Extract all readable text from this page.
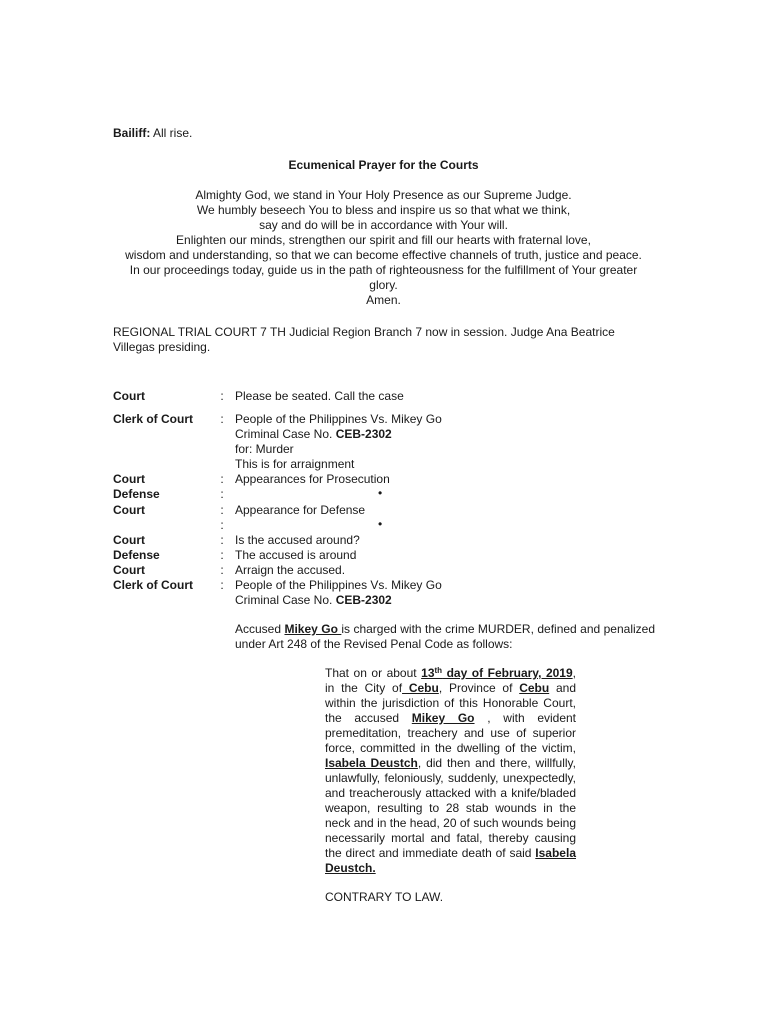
Bailiff: All rise.
Ecumenical Prayer for the Courts
Almighty God, we stand in Your Holy Presence as our Supreme Judge.
We humbly beseech You to bless and inspire us so that what we think,
say and do will be in accordance with Your will.
Enlighten our minds, strengthen our spirit and fill our hearts with fraternal love,
wisdom and understanding, so that we can become effective channels of truth, justice and peace.
In our proceedings today, guide us in the path of righteousness for the fulfillment of Your greater
glory.
Amen.
REGIONAL TRIAL COURT 7 TH Judicial Region Branch 7 now in session. Judge Ana Beatrice
Villegas presiding.
Court	: Please be seated. Call the case
Clerk of Court	: People of the Philippines Vs. Mikey Go
Criminal Case No. CEB-2302
for: Murder
This is for arraignment
Court	: Appearances for Prosecution
Defense	:	•
Court	: Appearance for Defense
:	•
Court	: Is the accused around?
Defense	: The accused is around
Court	: Arraign the accused.
Clerk of Court	: People of the Philippines Vs. Mikey Go
Criminal Case No. CEB-2302
Accused Mikey Go is charged with the crime MURDER, defined and penalized under Art 248 of the Revised Penal Code as follows:
That on or about 13th day of February, 2019, in the City of Cebu, Province of Cebu and within the jurisdiction of this Honorable Court, the accused Mikey Go , with evident premeditation, treachery and use of superior force, committed in the dwelling of the victim, Isabela Deustch, did then and there, willfully, unlawfully, feloniously, suddenly, unexpectedly, and treacherously attacked with a knife/bladed weapon, resulting to 28 stab wounds in the neck and in the head, 20 of such wounds being necessarily mortal and fatal, thereby causing the direct and immediate death of said Isabela Deustch.
CONTRARY TO LAW.
